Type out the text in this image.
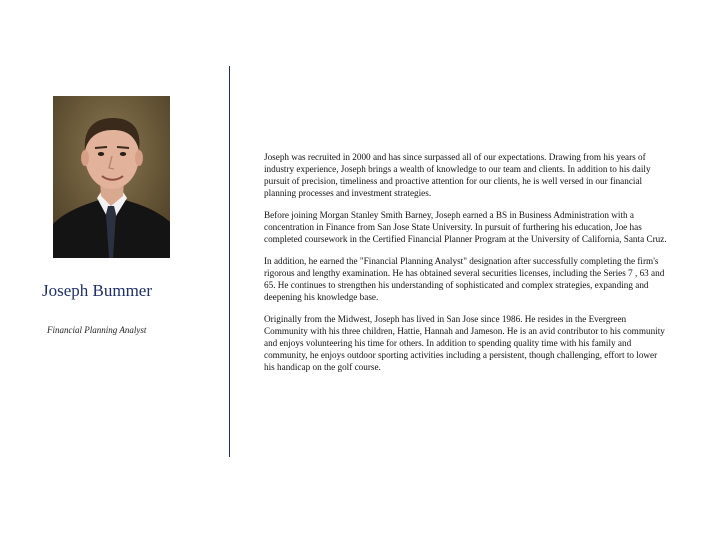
Joseph Bummer
Financial Planning Analyst

Joseph was recruited in 2000 and has since surpassed all of our expectations. Drawing from his years of industry experience, Joseph brings a wealth of knowledge to our team and clients. In addition to his daily pursuit of precision, timeliness and proactive attention for our clients, he is well versed in our financial planning processes and investment strategies.

Before joining Morgan Stanley Smith Barney, Joseph earned a BS in Business Administration with a concentration in Finance from San Jose State University. In pursuit of furthering his education, Joe has completed coursework in the Certified Financial Planner Program at the University of California, Santa Cruz.

In addition, he earned the "Financial Planning Analyst" designation after successfully completing the firm's rigorous and lengthy examination. He has obtained several securities licenses, including the Series 7 , 63 and 65. He continues to strengthen his understanding of sophisticated and complex strategies, expanding and deepening his knowledge base.

Originally from the Midwest, Joseph has lived in San Jose since 1986. He resides in the Evergreen Community with his three children, Hattie, Hannah and Jameson. He is an avid contributor to his community and enjoys volunteering his time for others. In addition to spending quality time with his family and community, he enjoys outdoor sporting activities including a persistent, though challenging, effort to lower his handicap on the golf course.
